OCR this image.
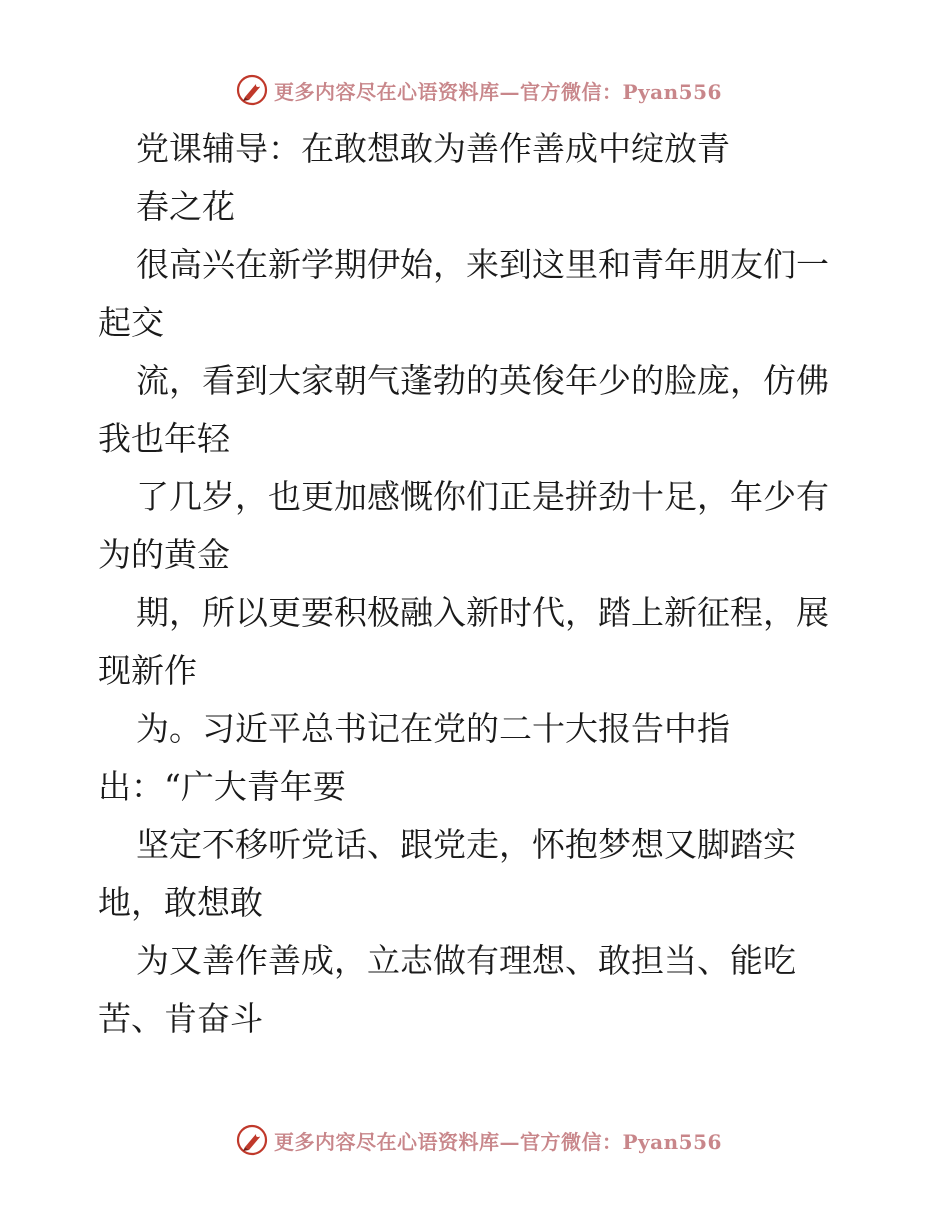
更多内容尽在心语资料库—官方微信：Pyan556
党课辅导：在敢想敢为善作善成中绽放青
春之花
很高兴在新学期伊始，来到这里和青年朋友们一
起交
流，看到大家朝气蓬勃的英俊年少的脸庞，仿佛
我也年轻
了几岁，也更加感慨你们正是拼劲十足，年少有
为的黄金
期，所以更要积极融入新时代，踏上新征程，展
现新作
为。习近平总书记在党的二十大报告中指
出：“广大青年要
坚定不移听党话、跟党走，怀抱梦想又脚踏实
地，敢想敢
为又善作善成，立志做有理想、敢担当、能吃
苦、肯奋斗
更多内容尽在心语资料库—官方微信：Pyan556
